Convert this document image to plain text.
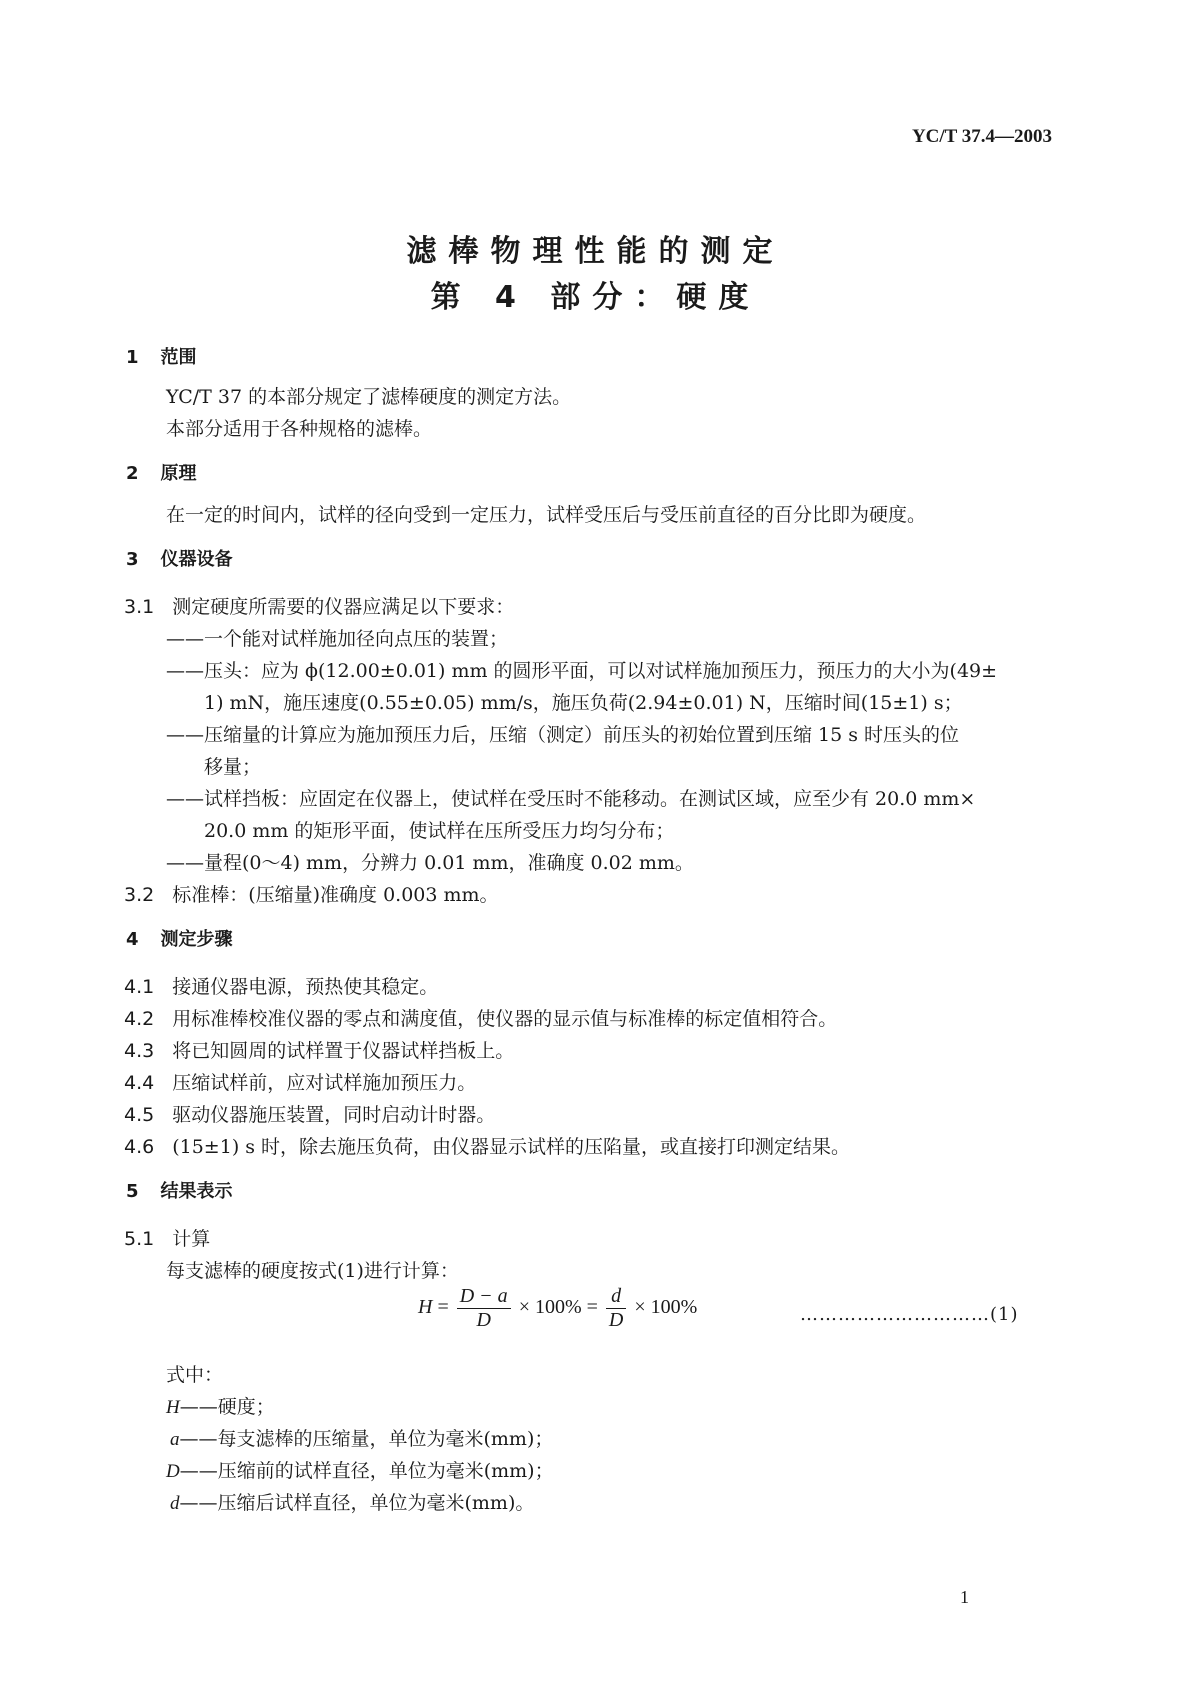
YC/T 37.4—2003
滤棒物理性能的测定
第 4 部分：硬度
1 范围
YC/T 37 的本部分规定了滤棒硬度的测定方法。
本部分适用于各种规格的滤棒。
2 原理
在一定的时间内，试样的径向受到一定压力，试样受压后与受压前直径的百分比即为硬度。
3 仪器设备
3.1 测定硬度所需要的仪器应满足以下要求：
——一个能对试样施加径向点压的装置；
——压头：应为 ϕ(12.00±0.01) mm 的圆形平面，可以对试样施加预压力，预压力的大小为(49±
1) mN，施压速度(0.55±0.05) mm/s，施压负荷(2.94±0.01) N，压缩时间(15±1) s；
——压缩量的计算应为施加预压力后，压缩（测定）前压头的初始位置到压缩 15 s 时压头的位
移量；
——试样挡板：应固定在仪器上，使试样在受压时不能移动。在测试区域，应至少有 20.0 mm×
20.0 mm 的矩形平面，使试样在压所受压力均匀分布；
——量程(0～4) mm，分辨力 0.01 mm，准确度 0.02 mm。
3.2 标准棒：(压缩量)准确度 0.003 mm。
4 测定步骤
4.1 接通仪器电源，预热使其稳定。
4.2 用标准棒校准仪器的零点和满度值，使仪器的显示值与标准棒的标定值相符合。
4.3 将已知圆周的试样置于仪器试样挡板上。
4.4 压缩试样前，应对试样施加预压力。
4.5 驱动仪器施压装置，同时启动计时器。
4.6 (15±1) s 时，除去施压负荷，由仪器显示试样的压陷量，或直接打印测定结果。
5 结果表示
5.1 计算
每支滤棒的硬度按式(1)进行计算：
$H = \frac{D - a}{D} \times 100\% = \frac{d}{D} \times 100\%$	…………………………(1)
式中：
H——硬度；
a——每支滤棒的压缩量，单位为毫米(mm)；
D——压缩前的试样直径，单位为毫米(mm)；
d——压缩后试样直径，单位为毫米(mm)。
1
